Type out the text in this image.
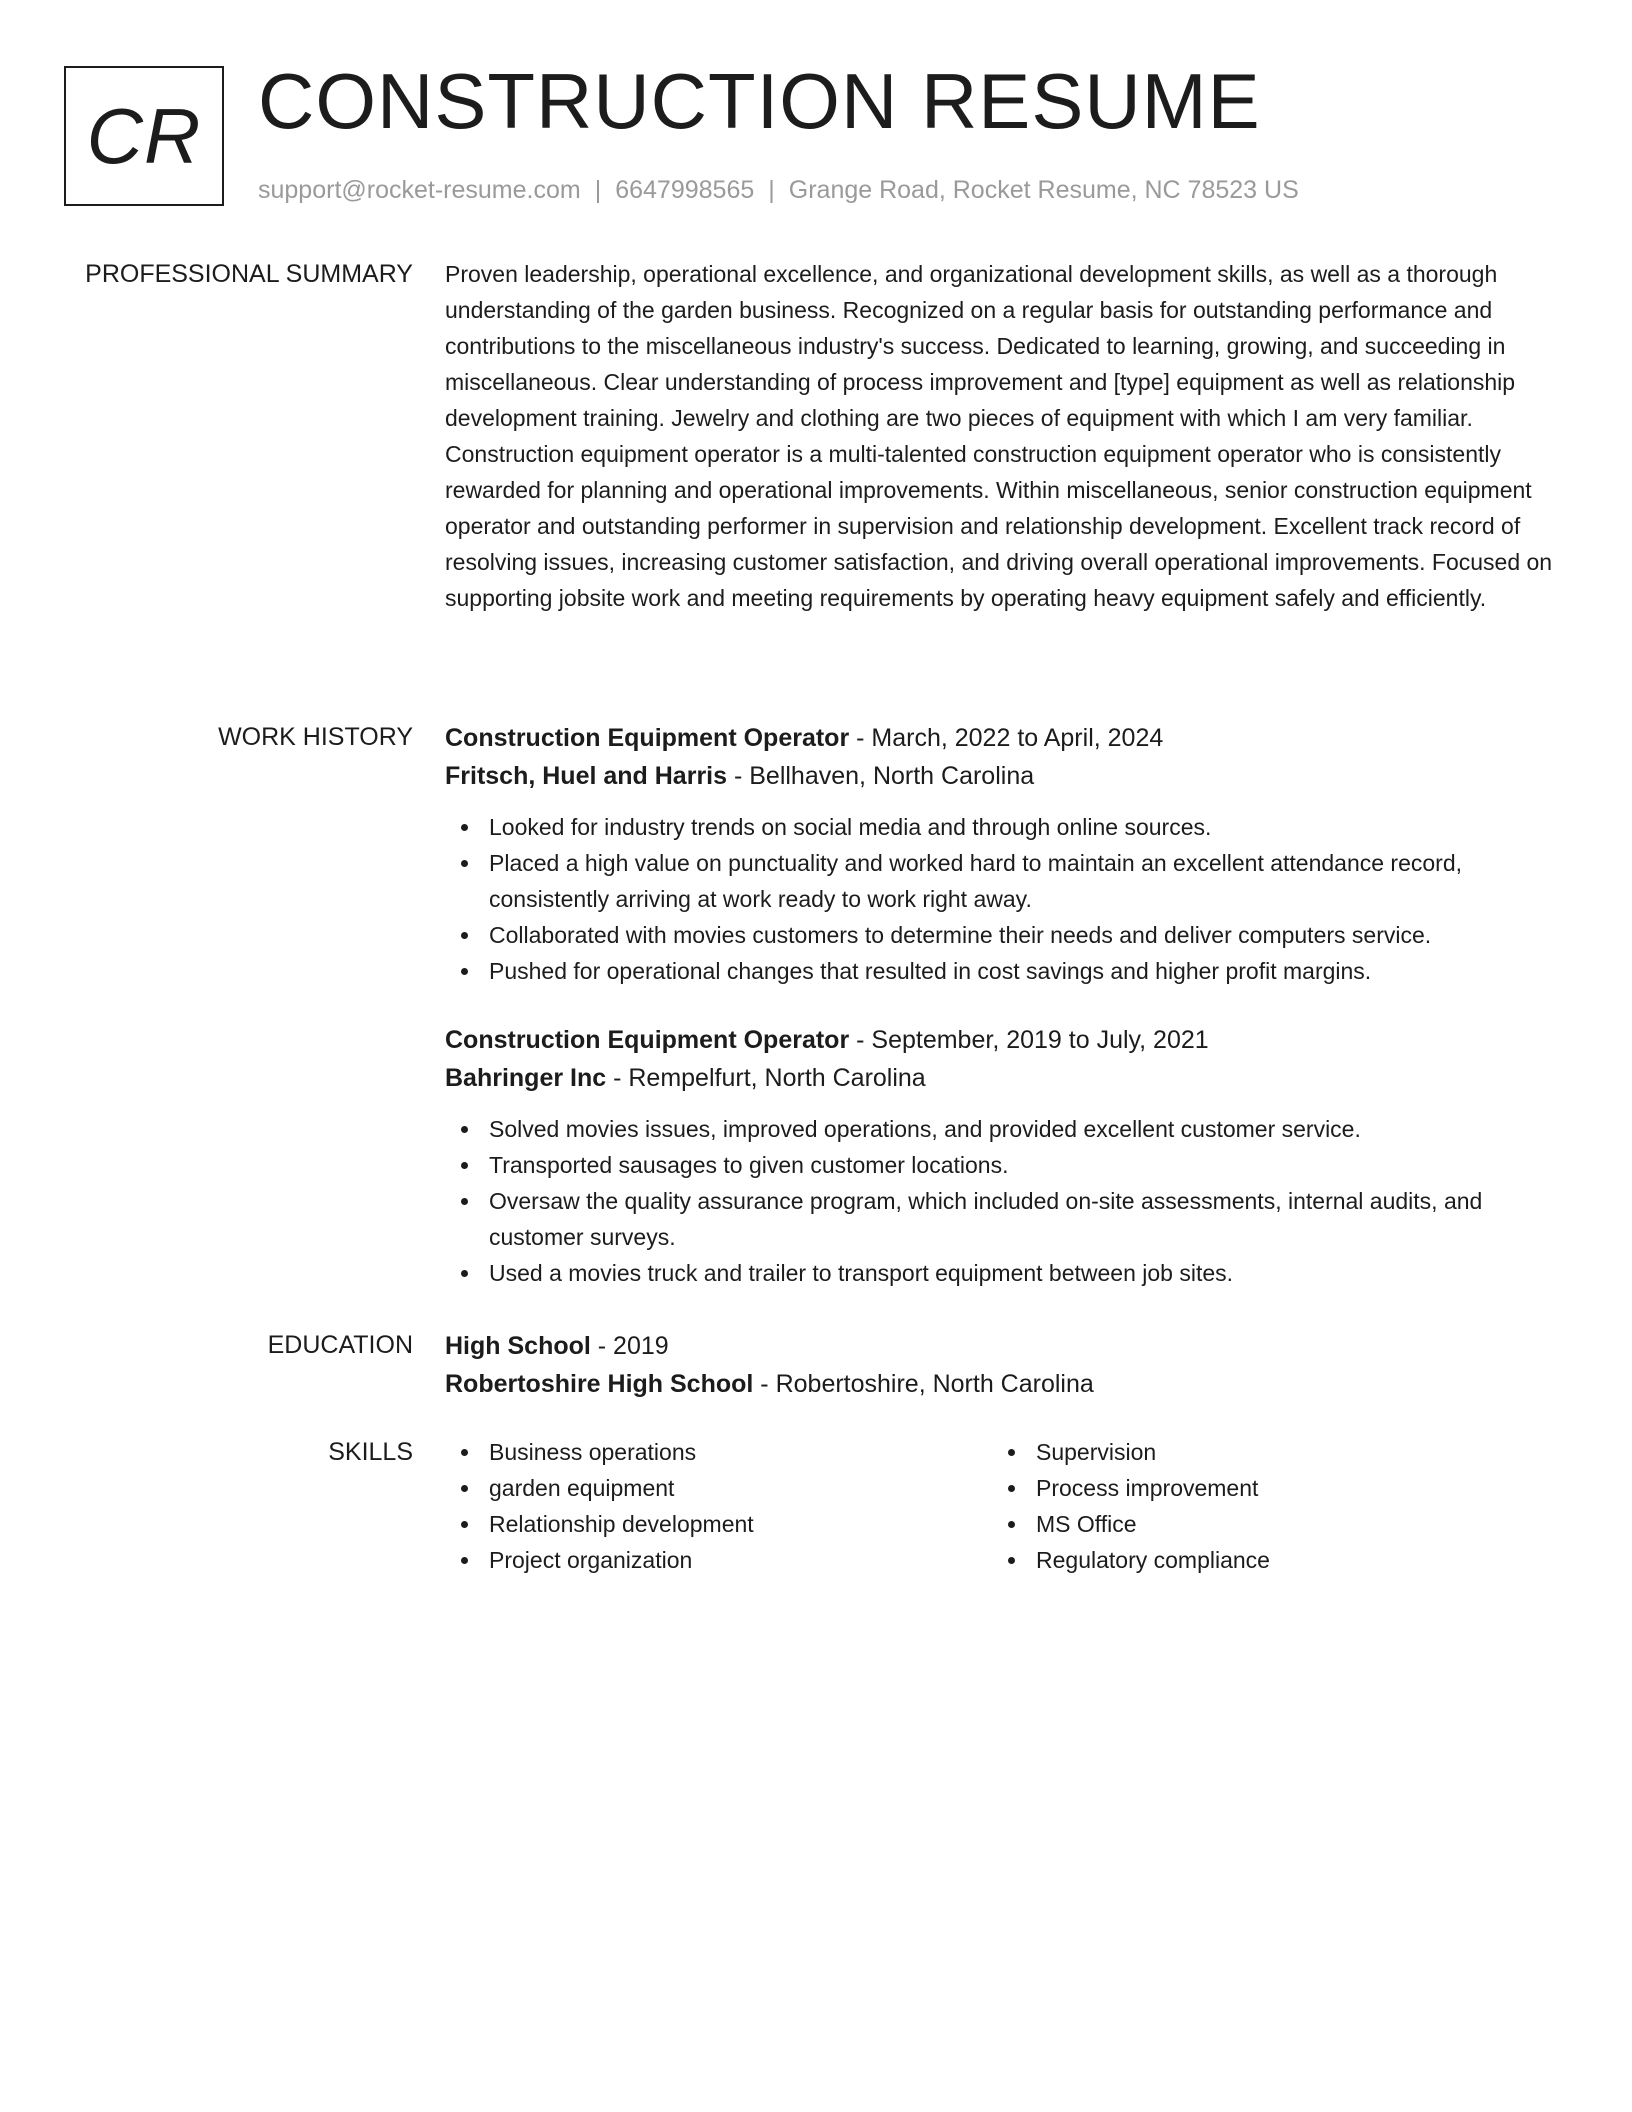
CR CONSTRUCTION RESUME
support@rocket-resume.com | 6647998565 | Grange Road, Rocket Resume, NC 78523 US
PROFESSIONAL SUMMARY Proven leadership, operational excellence, and organizational development skills, as well as a thorough understanding of the garden business. Recognized on a regular basis for outstanding performance and contributions to the miscellaneous industry's success. Dedicated to learning, growing, and succeeding in miscellaneous. Clear understanding of process improvement and [type] equipment as well as relationship development training. Jewelry and clothing are two pieces of equipment with which I am very familiar. Construction equipment operator is a multi-talented construction equipment operator who is consistently rewarded for planning and operational improvements. Within miscellaneous, senior construction equipment operator and outstanding performer in supervision and relationship development. Excellent track record of resolving issues, increasing customer satisfaction, and driving overall operational improvements. Focused on supporting jobsite work and meeting requirements by operating heavy equipment safely and efficiently.

WORK HISTORY Construction Equipment Operator - March, 2022 to April, 2024
Fritsch, Huel and Harris - Bellhaven, North Carolina
Looked for industry trends on social media and through online sources.
Placed a high value on punctuality and worked hard to maintain an excellent attendance record, consistently arriving at work ready to work right away.
Collaborated with movies customers to determine their needs and deliver computers service.
Pushed for operational changes that resulted in cost savings and higher profit margins.
Construction Equipment Operator - September, 2019 to July, 2021
Bahringer Inc - Rempelfurt, North Carolina
Solved movies issues, improved operations, and provided excellent customer service.
Transported sausages to given customer locations.
Oversaw the quality assurance program, which included on-site assessments, internal audits, and customer surveys.
Used a movies truck and trailer to transport equipment between job sites.
EDUCATION High School - 2019
Robertoshire High School - Robertoshire, North Carolina
SKILLS	Business operations
garden equipment
Relationship development
Project organization
Supervision
Process improvement
MS Office
Regulatory compliance
